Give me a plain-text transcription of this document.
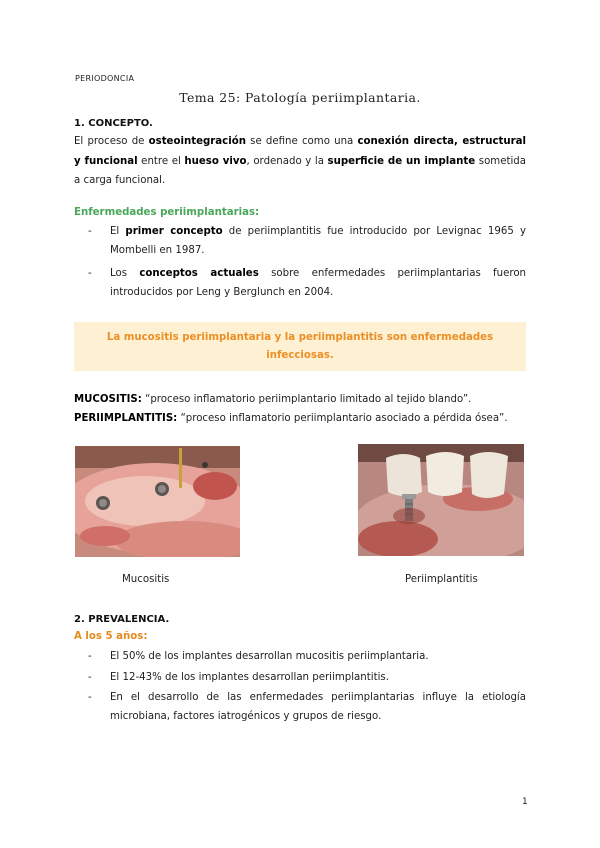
PERIODONCIA
Tema 25: Patología periimplantaria.
1. CONCEPTO.
El proceso de osteointegración se define como una conexión directa, estructural y funcional entre el hueso vivo, ordenado y la superficie de un implante sometida a carga funcional.
Enfermedades periimplantarias:
- El primer concepto de periimplantitis fue introducido por Levignac 1965 y Mombelli en 1987.
- Los conceptos actuales sobre enfermedades periimplantarias fueron introducidos por Leng y Berglunch en 2004.

La mucositis periimplantaria y la periimplantitis son enfermedades infecciosas.

MUCOSITIS: “proceso inflamatorio periimplantario limitado al tejido blando”.
PERIIMPLANTITIS: “proceso inflamatorio periimplantario asociado a pérdida ósea”.
Mucositis	Periimplantitis
2. PREVALENCIA.
A los 5 años:
- El 50% de los implantes desarrollan mucositis periimplantaria.
- El 12-43% de los implantes desarrollan periimplantitis.
- En el desarrollo de las enfermedades periimplantarias influye la etiología microbiana, factores iatrogénicos y grupos de riesgo.
1
